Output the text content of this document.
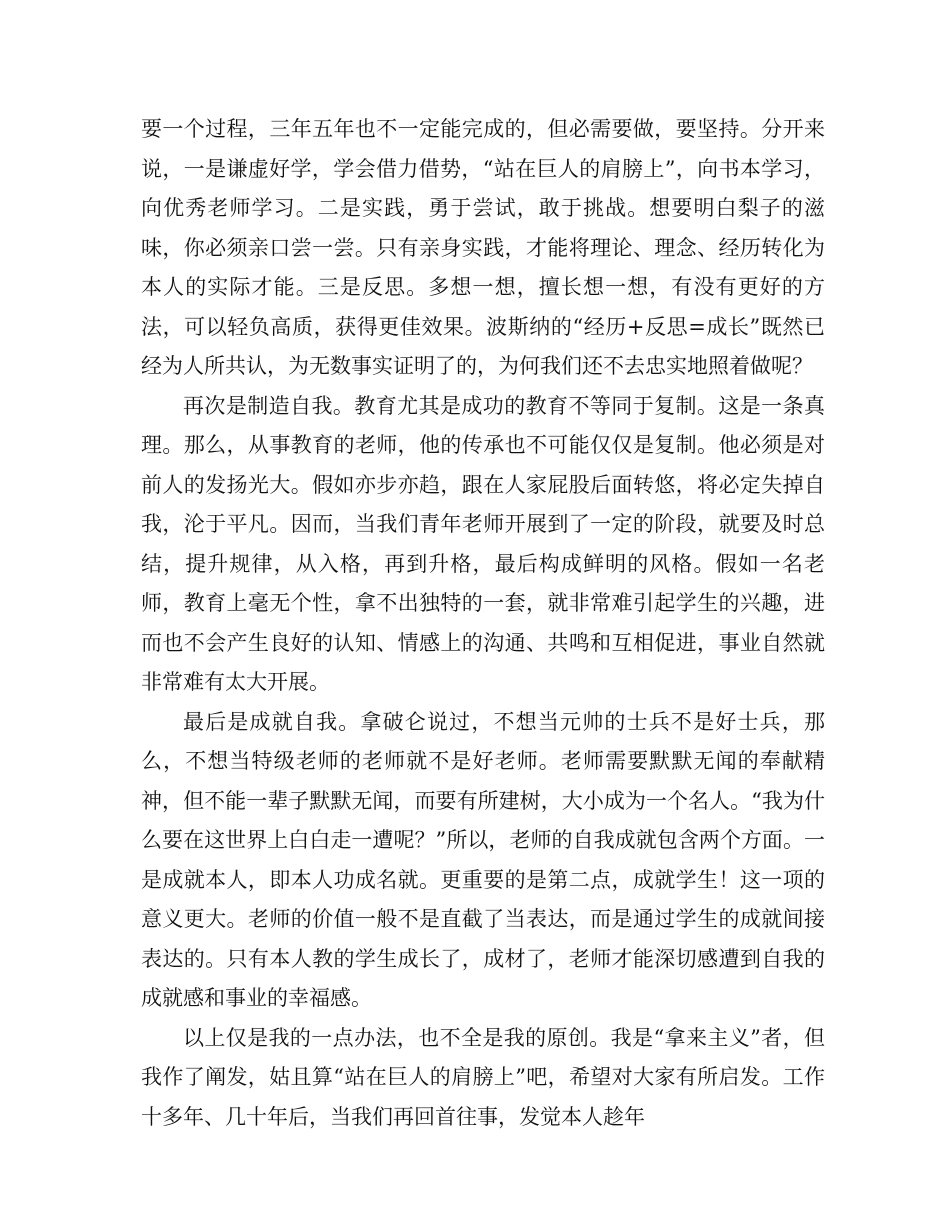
要一个过程，三年五年也不一定能完成的，但必需要做，要坚持。分开来说，一是谦虚好学，学会借力借势，“站在巨人的肩膀上”，向书本学习，向优秀老师学习。二是实践，勇于尝试，敢于挑战。想要明白梨子的滋味，你必须亲口尝一尝。只有亲身实践，才能将理论、理念、经历转化为本人的实际才能。三是反思。多想一想，擅长想一想，有没有更好的方法，可以轻负高质，获得更佳效果。波斯纳的“经历+反思=成长”既然已经为人所共认，为无数事实证明了的，为何我们还不去忠实地照着做呢？

再次是制造自我。教育尤其是成功的教育不等同于复制。这是一条真理。那么，从事教育的老师，他的传承也不可能仅仅是复制。他必须是对前人的发扬光大。假如亦步亦趋，跟在人家屁股后面转悠，将必定失掉自我，沦于平凡。因而，当我们青年老师开展到了一定的阶段，就要及时总结，提升规律，从入格，再到升格，最后构成鲜明的风格。假如一名老师，教育上毫无个性，拿不出独特的一套，就非常难引起学生的兴趣，进而也不会产生良好的认知、情感上的沟通、共鸣和互相促进，事业自然就非常难有太大开展。

最后是成就自我。拿破仑说过，不想当元帅的士兵不是好士兵，那么，不想当特级老师的老师就不是好老师。老师需要默默无闻的奉献精神，但不能一辈子默默无闻，而要有所建树，大小成为一个名人。“我为什么要在这世界上白白走一遭呢？”所以，老师的自我成就包含两个方面。一是成就本人，即本人功成名就。更重要的是第二点，成就学生！这一项的意义更大。老师的价值一般不是直截了当表达，而是通过学生的成就间接表达的。只有本人教的学生成长了，成材了，老师才能深切感遭到自我的成就感和事业的幸福感。

以上仅是我的一点办法，也不全是我的原创。我是“拿来主义”者，但我作了阐发，姑且算“站在巨人的肩膀上”吧，希望对大家有所启发。工作十多年、几十年后，当我们再回首往事，发觉本人趁年
